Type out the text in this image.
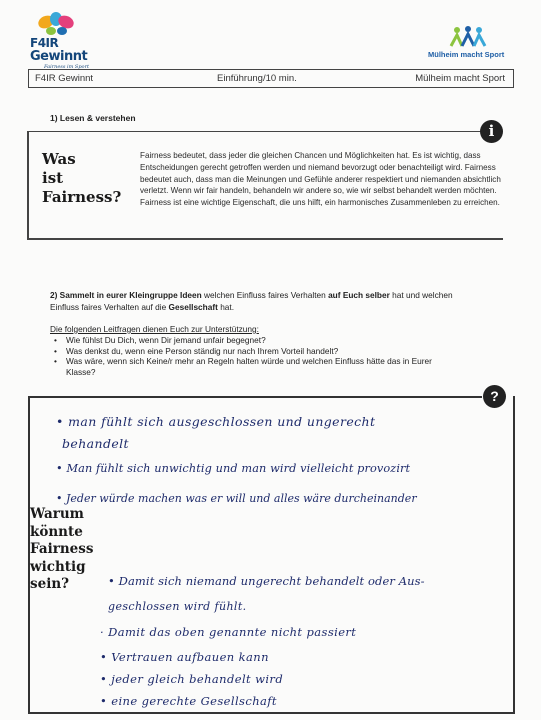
F4IR
Gewinnt
Fairness im Sport
Mülheim macht Sport
F4IR Gewinnt	Einführung/10 min.	Mülheim macht Sport
1) Lesen & verstehen
i
Was
ist
Fairness?
Fairness bedeutet, dass jeder die gleichen Chancen und Möglichkeiten hat. Es ist wichtig, dass Entscheidungen gerecht getroffen werden und niemand bevorzugt oder benachteiligt wird. Fairness bedeutet auch, dass man die Meinungen und Gefühle anderer respektiert und niemanden absichtlich verletzt. Wenn wir fair handeln, behandeln wir andere so, wie wir selbst behandelt werden möchten. Fairness ist eine wichtige Eigenschaft, die uns hilft, ein harmonisches Zusammenleben zu erreichen.
2) Sammelt in eurer Kleingruppe Ideen welchen Einfluss faires Verhalten auf Euch selber hat und welchen Einfluss faires Verhalten auf die Gesellschaft hat.
Die folgenden Leitfragen dienen Euch zur Unterstützung:
• Wie fühlst Du Dich, wenn Dir jemand unfair begegnet?
• Was denkst du, wenn eine Person ständig nur nach Ihrem Vorteil handelt?
• Was wäre, wenn sich Keine/r mehr an Regeln halten würde und welchen Einfluss hätte das in Eurer Klasse?
?
• man fühlt sich ausgeschlossen und ungerecht
behandelt
• Man fühlt sich unwichtig und man wird vielleicht provozirt
• Jeder würde machen was er will und alles wäre durcheinander
Warum
könnte
Fairness
wichtig
sein?	• Damit sich niemand ungerecht behandelt oder Aus-
geschlossen wird fühlt.
· Damit das oben genannte nicht passiert
• Vertrauen aufbauen kann
• jeder gleich behandelt wird
• eine gerechte Gesellschaft
